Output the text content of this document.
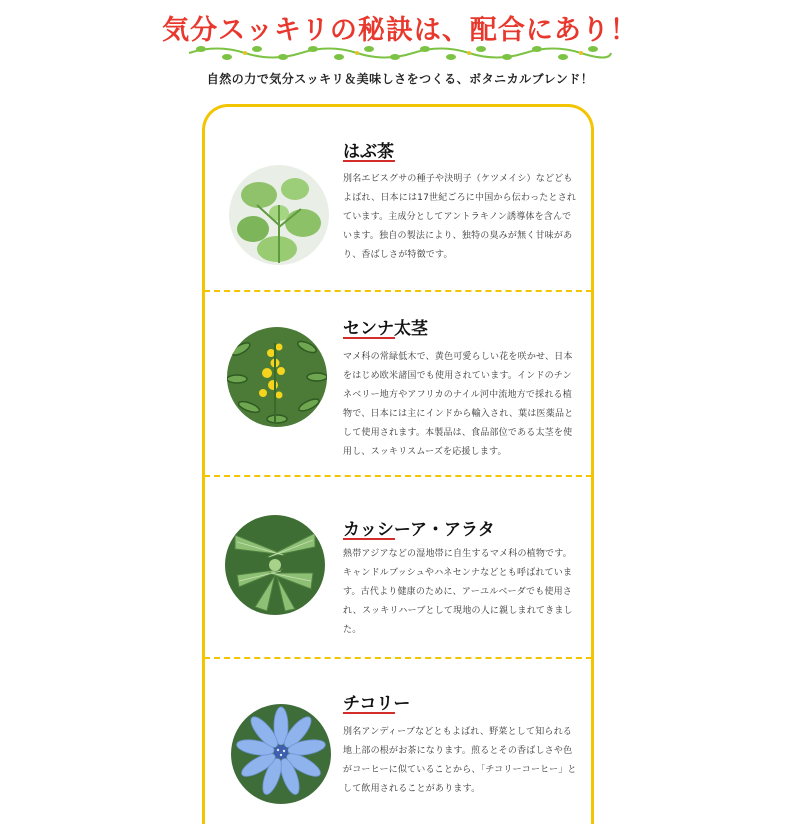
気分スッキリの秘訣は、配合にあり！
自然の力で気分スッキリ＆美味しさをつくる、ボタニカルブレンド！
はぶ茶
別名エビスグサの種子や決明子（ケツメイシ）などどもよばれ、日本には17世紀ごろに中国から伝わったとされています。主成分としてアントラキノン誘導体を含んでいます。独自の製法により、独特の臭みが無く甘味があり、香ばしさが特徴です。
センナ太茎
マメ科の常緑低木で、黄色可愛らしい花を咲かせ、日本をはじめ欧米諸国でも使用されています。インドのチンネベリー地方やアフリカのナイル河中流地方で採れる植物で、日本には主にインドから輸入され、葉は医薬品として使用されます。本製品は、食品部位である太茎を使用し、スッキリスムーズを応援します。
カッシーア・アラタ
熱帯アジアなどの湿地帯に自生するマメ科の植物です。キャンドルブッシュやハネセンナなどとも呼ばれています。古代より健康のために、アーユルベーダでも使用され、スッキリハーブとして現地の人に親しまれてきました。
チコリー
別名アンディーブなどともよばれ、野菜として知られる地上部の根がお茶になります。煎るとその香ばしさや色がコーヒーに似ていることから、「チコリーコーヒー」として飲用されることがあります。
